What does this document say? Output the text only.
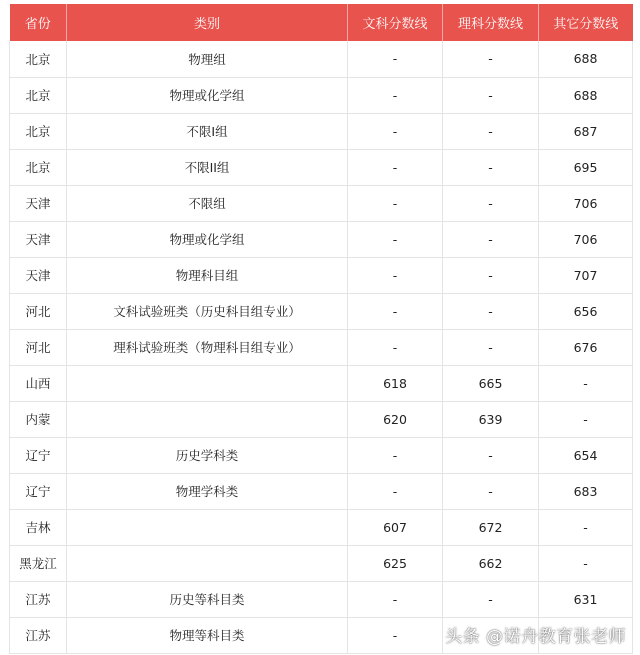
省份	类别	文科分数线	理科分数线	其它分数线
北京	物理组	-	-	688
北京	物理或化学组	-	-	688
北京	不限I组	-	-	687
北京	不限II组	-	-	695
天津	不限组	-	-	706
天津	物理或化学组	-	-	706
天津	物理科目组	-	-	707
河北	文科试验班类（历史科目组专业）	-	-	656
河北	理科试验班类（物理科目组专业）	-	-	676
山西		618	665	-
内蒙		620	639	-
辽宁	历史学科类	-	-	654
辽宁	物理学科类	-	-	683
吉林		607	672	-
黑龙江		625	662	-
江苏	历史等科目类	-	-	631
江苏	物理等科目类	-			头条 @诺舟教育张老师
